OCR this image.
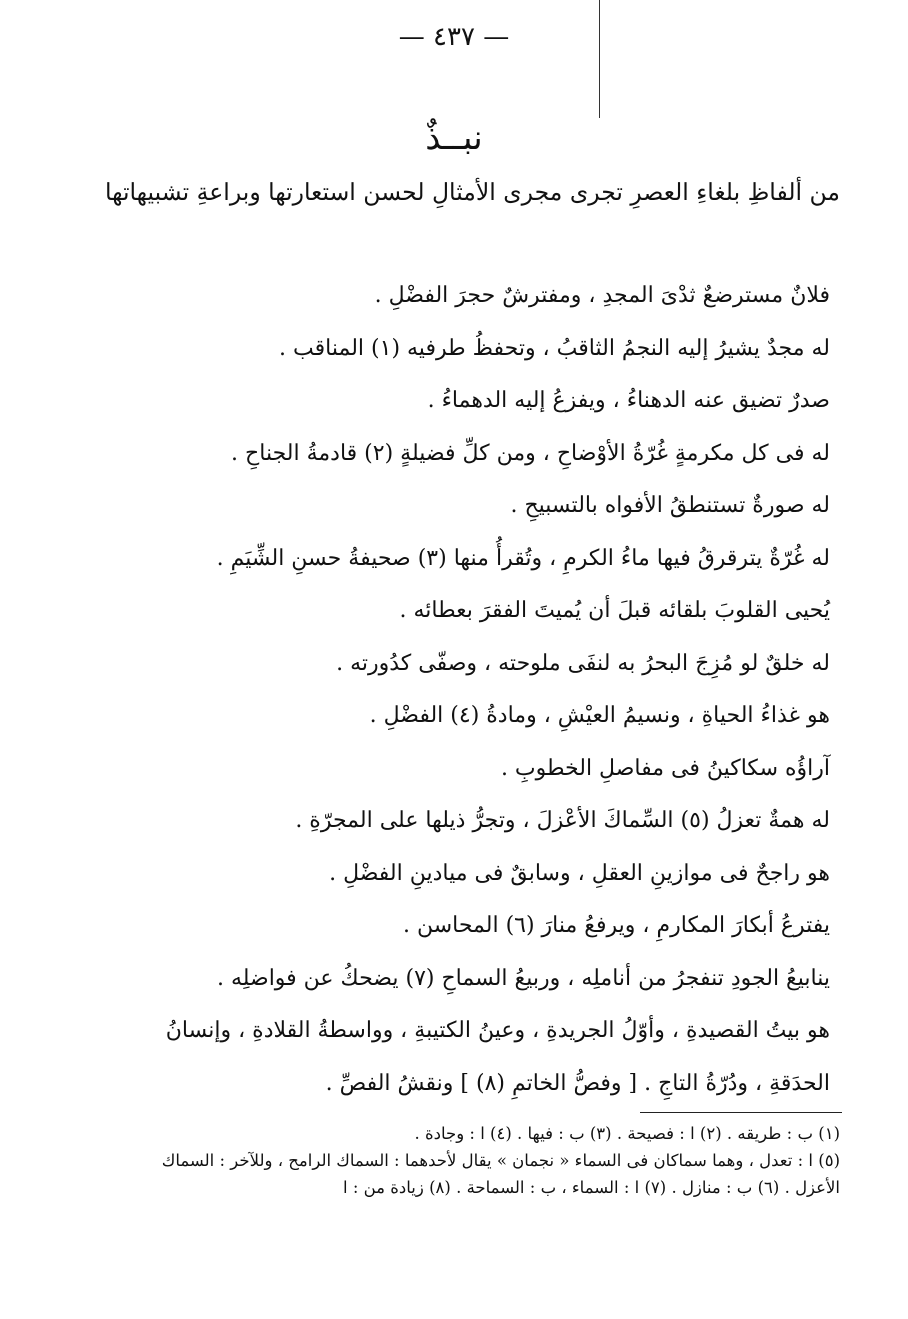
— ٤٣٧ —
نبــذٌ
من ألفاظِ بلغاءِ العصرِ تجرى مجرى الأمثالِ لحسن استعارتها وبراعةِ تشبيهاتها
فلانٌ مسترضعٌ ثدْىَ المجدِ ، ومفترشٌ حجرَ الفضْلِ .
له مجدٌ يشيرُ إليه النجمُ الثاقبُ ، وتحفظُ طرفيه (١) المناقب .
صدرٌ تضيق عنه الدهناءُ ، ويفزعُ إليه الدهماءُ .
له فى كل مكرمةٍ غُرّةُ الأوْضاحِ ، ومن كلِّ فضيلةٍ (٢) قادمةُ الجناحِ .
له صورةٌ تستنطقُ الأفواه بالتسبيحِ .
له غُرّةٌ يترقرقُ فيها ماءُ الكرمِ ، وتُقرأُ منها (٣) صحيفةُ حسنِ الشِّيَمِ .
يُحيى القلوبَ بلقائه قبلَ أن يُميتَ الفقرَ بعطائه .
له خلقٌ لو مُزِجَ البحرُ به لنفَى ملوحته ، وصفّى كدُورته .
هو غذاءُ الحياةِ ، ونسيمُ العيْشِ ، ومادةُ (٤) الفضْلِ .
آراؤُه سكاكينُ فى مفاصلِ الخطوبِ .
له همةٌ تعزلُ (٥) السِّماكَ الأعْزلَ ، وتجرُّ ذيلها على المجرّةِ .
هو راجحٌ فى موازينِ العقلِ ، وسابقٌ فى ميادينِ الفضْلِ .
يفترعُ أبكارَ المكارمِ ، ويرفعُ منارَ (٦) المحاسن .
ينابيعُ الجودِ تنفجرُ من أناملِه ، وربيعُ السماحِ (٧) يضحكُ عن فواضلِه .
هو بيتُ القصيدةِ ، وأوّلُ الجريدةِ ، وعينُ الكتيبةِ ، وواسطةُ القلادةِ ، وإنسانُ
الحدَقةِ ، ودُرّةُ التاجِ . [ وفصُّ الخاتمِ (٨) ] ونقشُ الفصِّ .
(١) ب : طريقه . (٢) ا : فصيحة . (٣) ب : فيها . (٤) ا : وجادة .
(٥) ا : تعدل ، وهما سماكان فى السماء « نجمان » يقال لأحدهما : السماك الرامح ، وللآخر : السماك
الأعزل . (٦) ب : منازل . (٧) ا : السماء ، ب : السماحة . (٨) زيادة من : ا
